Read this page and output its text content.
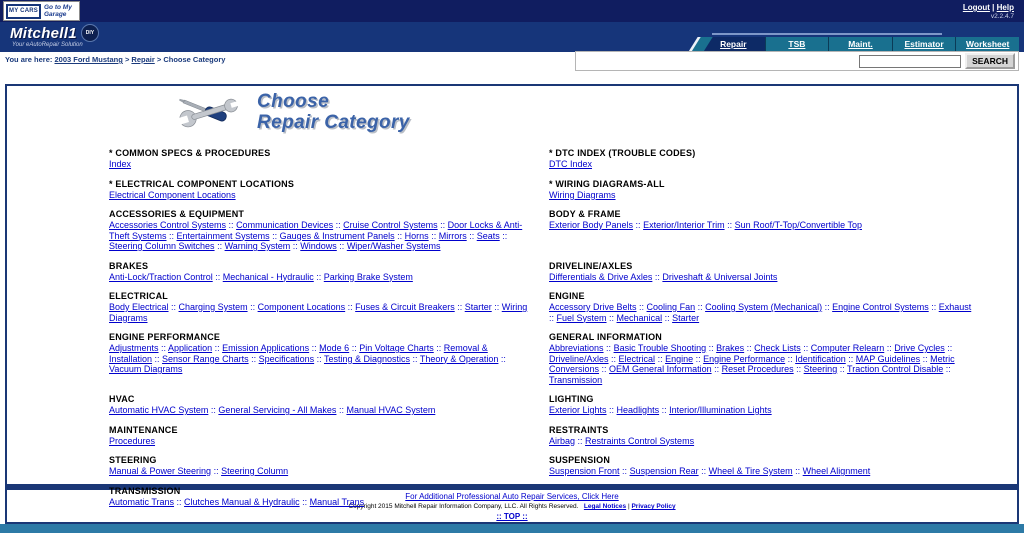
MY CARS Go to My Garage
Logout | Help
v2.2.4.7
Mitchell1	DIY
Your eAutoRepair Solution	Repair	TSB	Maint.	Estimator	Worksheet
You are here: 2003 Ford Mustang > Repair > Choose Category	SEARCH
Choose
Repair Category
* COMMON SPECS & PROCEDURES
Index
* DTC INDEX (TROUBLE CODES)
DTC Index
* ELECTRICAL COMPONENT LOCATIONS
Electrical Component Locations
* WIRING DIAGRAMS-ALL
Wiring Diagrams
ACCESSORIES & EQUIPMENT
Accessories Control Systems :: Communication Devices :: Cruise Control Systems :: Door Locks & Anti-Theft Systems :: Entertainment Systems :: Gauges & Instrument Panels :: Horns :: Mirrors :: Seats :: Steering Column Switches :: Warning System :: Windows :: Wiper/Washer Systems
BODY & FRAME
Exterior Body Panels :: Exterior/Interior Trim :: Sun Roof/T-Top/Convertible Top
BRAKES
Anti-Lock/Traction Control :: Mechanical - Hydraulic :: Parking Brake System
DRIVELINE/AXLES
Differentials & Drive Axles :: Driveshaft & Universal Joints
ELECTRICAL
Body Electrical :: Charging System :: Component Locations :: Fuses & Circuit Breakers :: Starter :: Wiring Diagrams
ENGINE
Accessory Drive Belts :: Cooling Fan :: Cooling System (Mechanical) :: Engine Control Systems :: Exhaust :: Fuel System :: Mechanical :: Starter
ENGINE PERFORMANCE
Adjustments :: Application :: Emission Applications :: Mode 6 :: Pin Voltage Charts :: Removal & Installation :: Sensor Range Charts :: Specifications :: Testing & Diagnostics :: Theory & Operation :: Vacuum Diagrams
GENERAL INFORMATION
Abbreviations :: Basic Trouble Shooting :: Brakes :: Check Lists :: Computer Relearn :: Drive Cycles :: Driveline/Axles :: Electrical :: Engine :: Engine Performance :: Identification :: MAP Guidelines :: Metric Conversions :: OEM General Information :: Reset Procedures :: Steering :: Traction Control Disable :: Transmission
HVAC
Automatic HVAC System :: General Servicing - All Makes :: Manual HVAC System
LIGHTING
Exterior Lights :: Headlights :: Interior/Illumination Lights
MAINTENANCE
Procedures
RESTRAINTS
Airbag :: Restraints Control Systems
STEERING
Manual & Power Steering :: Steering Column
SUSPENSION
Suspension Front :: Suspension Rear :: Wheel & Tire System :: Wheel Alignment
TRANSMISSION
Automatic Trans :: Clutches Manual & Hydraulic :: Manual Trans	For Additional Professional Auto Repair Services, Click Here
Copyright 2015 Mitchell Repair Information Company, LLC. All Rights Reserved. Legal Notices | Privacy Policy
:: TOP ::
